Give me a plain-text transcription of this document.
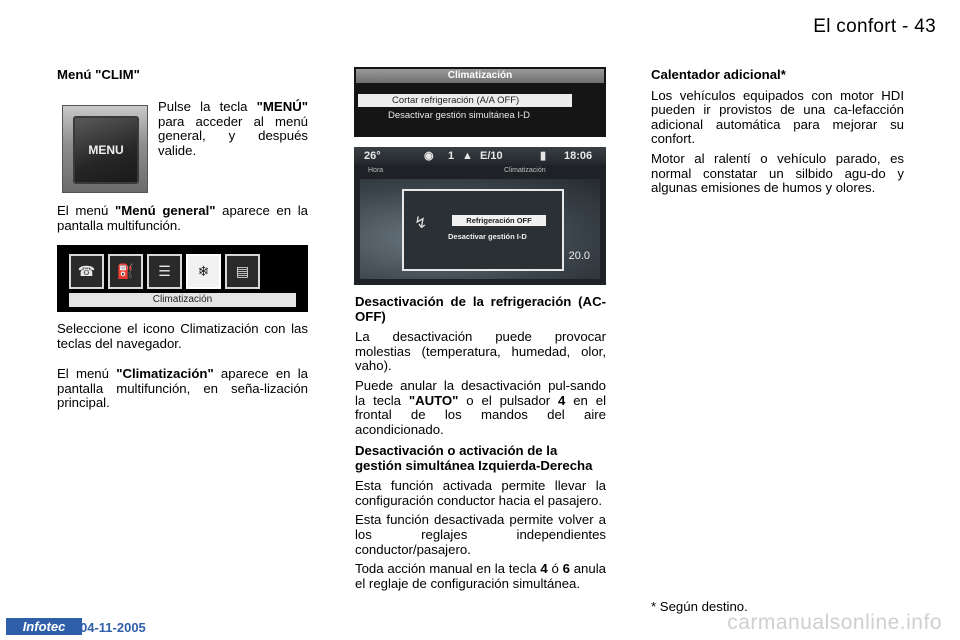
El confort - 43
Menú "CLIM"

Pulse la tecla "MENÚ" para acceder al menú general, y después valide.

MENU

El menú "Menú general" aparece en la pantalla multifunción.

☎	⛽	☰	❄	▤
Climatización

Seleccione el icono Climatización con las teclas del navegador.

El menú "Climatización" aparece en la pantalla multifunción, en seña-lización principal.

Climatización
Cortar refrigeración (A/A OFF)
Desactivar gestión simultánea I-D
26°	◉ 1 ▲ E/10	▮ 18:06
Hora	Climatización
↯	Refrigeración OFF
Desactivar gestión I-D
20.0
Desactivación de la refrigeración (AC-OFF)

La desactivación puede provocar molestias (temperatura, humedad, olor, vaho).

Puede anular la desactivación pul-sando la tecla "AUTO" o el pulsador 4 en el frontal de los mandos del aire acondicionado.

Desactivación o activación de la gestión simultánea Izquierda-Derecha

Esta función activada permite llevar la configuración conductor hacia el pasajero.

Esta función desactivada permite volver a los reglajes independientes conductor/pasajero.

Toda acción manual en la tecla 4 ó 6 anula el reglaje de configuración simultánea.

Calentador adicional*

Los vehículos equipados con motor HDI pueden ir provistos de una ca-lefacción adicional automática para mejorar su confort.

Motor al ralentí o vehículo parado, es normal constatar un silbido agu-do y algunas emisiones de humos y olores.

* Según destino.
Infotec	04-11-2005	carmanualsonline.info
